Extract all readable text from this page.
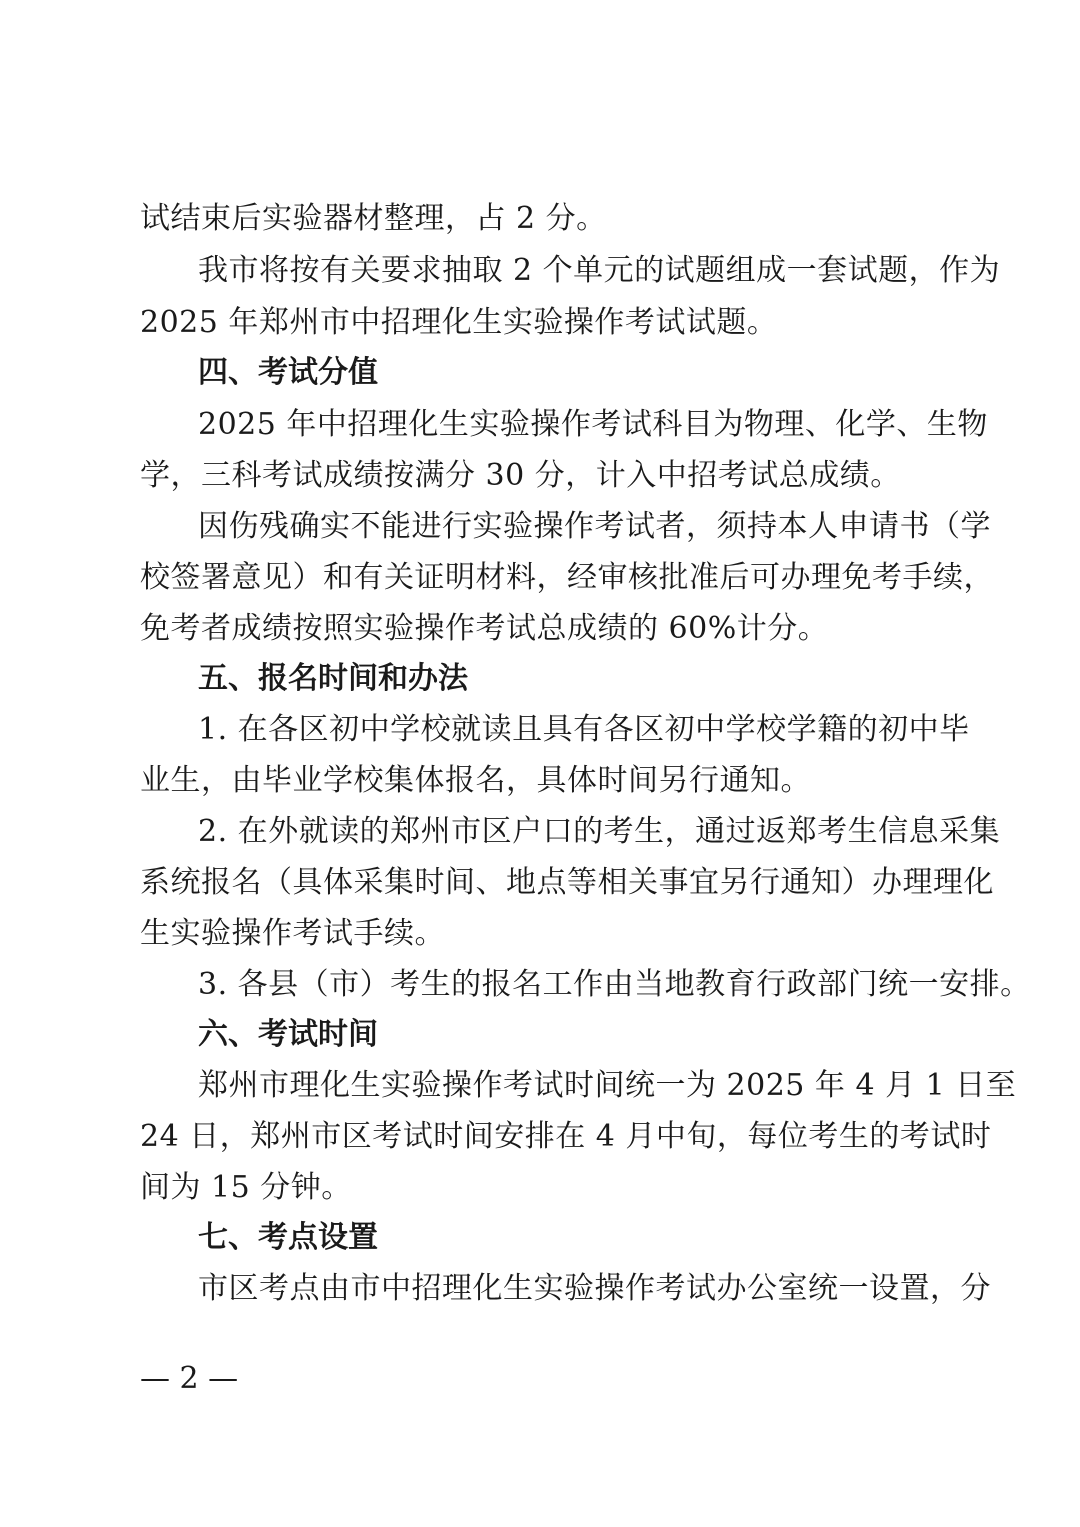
试结束后实验器材整理，占 2 分。
我市将按有关要求抽取 2 个单元的试题组成一套试题，作为
2025 年郑州市中招理化生实验操作考试试题。
四、考试分值
2025 年中招理化生实验操作考试科目为物理、化学、生物
学，三科考试成绩按满分 30 分，计入中招考试总成绩。
因伤残确实不能进行实验操作考试者，须持本人申请书（学
校签署意见）和有关证明材料，经审核批准后可办理免考手续，
免考者成绩按照实验操作考试总成绩的 60%计分。
五、报名时间和办法
1. 在各区初中学校就读且具有各区初中学校学籍的初中毕
业生，由毕业学校集体报名，具体时间另行通知。
2. 在外就读的郑州市区户口的考生，通过返郑考生信息采集
系统报名（具体采集时间、地点等相关事宜另行通知）办理理化
生实验操作考试手续。
3. 各县（市）考生的报名工作由当地教育行政部门统一安排。
六、考试时间
郑州市理化生实验操作考试时间统一为 2025 年 4 月 1 日至
24 日，郑州市区考试时间安排在 4 月中旬，每位考生的考试时
间为 15 分钟。
七、考点设置
市区考点由市中招理化生实验操作考试办公室统一设置，分
— 2 —
